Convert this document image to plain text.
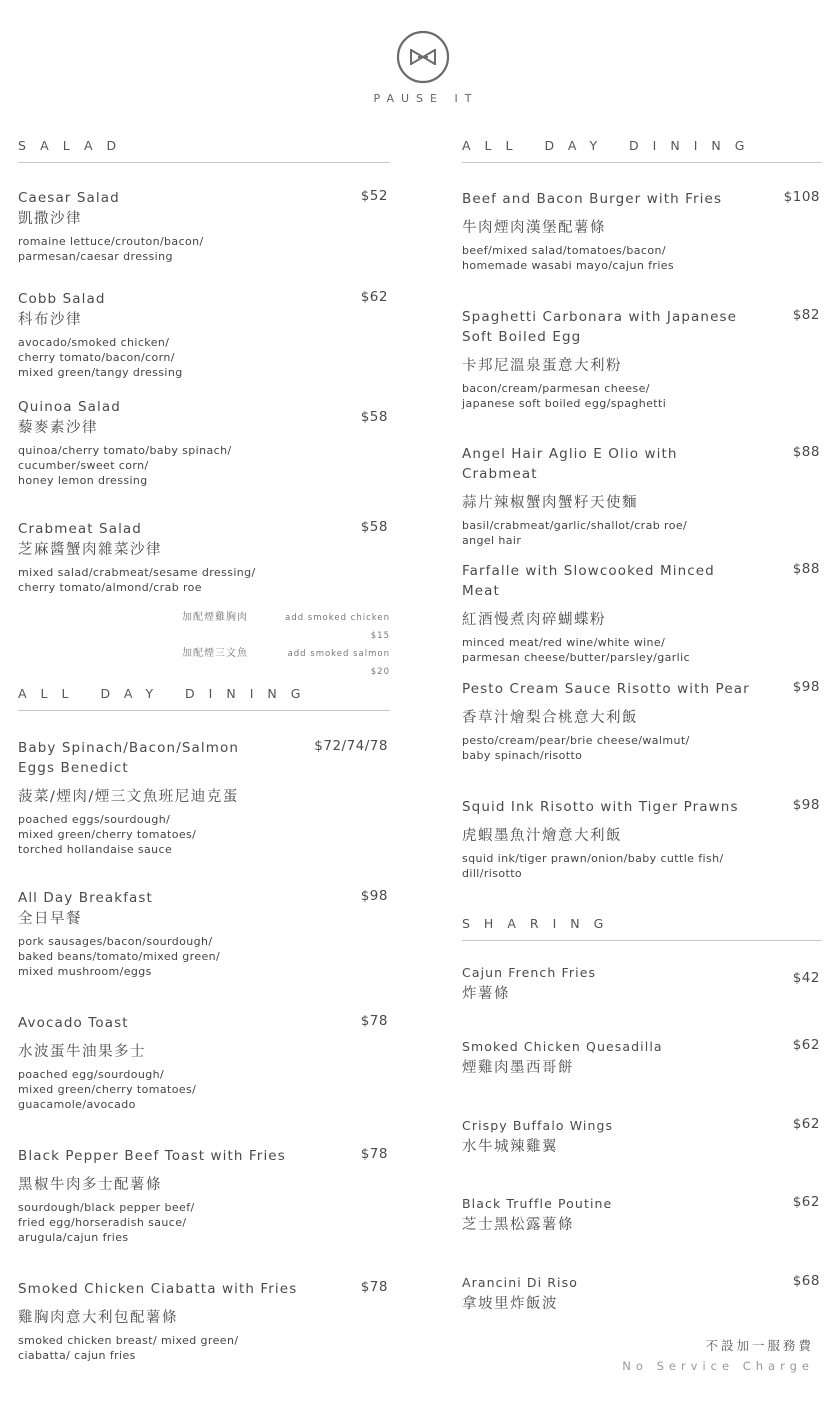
PAUSE IT
SALAD
Caesar Salad	$52
凱撒沙律
romaine lettuce/crouton/bacon/
parmesan/caesar dressing
Cobb Salad	$62
科布沙律
avocado/smoked chicken/
cherry tomato/bacon/corn/
mixed green/tangy dressing
Quinoa Salad
$58
藜麥素沙律
quinoa/cherry tomato/baby spinach/
cucumber/sweet corn/
honey lemon dressing
Crabmeat Salad	$58
芝麻醬蟹肉雜菜沙律
mixed salad/crabmeat/sesame dressing/
cherry tomato/almond/crab roe
加配煙雞胸肉	add smoked chicken $15
加配煙三文魚	add smoked salmon $20
ALL DAY DINING
Baby Spinach/Bacon/Salmon
Eggs Benedict
$72/74/78
菠菜/煙肉/煙三文魚班尼迪克蛋
poached eggs/sourdough/
mixed green/cherry tomatoes/
torched hollandaise sauce
All Day Breakfast	$98
全日早餐
pork sausages/bacon/sourdough/
baked beans/tomato/mixed green/
mixed mushroom/eggs
Avocado Toast	$78
水波蛋牛油果多士
poached egg/sourdough/
mixed green/cherry tomatoes/
guacamole/avocado
Black Pepper Beef Toast with Fries	$78
黑椒牛肉多士配薯條
sourdough/black pepper beef/
fried egg/horseradish sauce/
arugula/cajun fries
Smoked Chicken Ciabatta with Fries	$78
雞胸肉意大利包配薯條
smoked chicken breast/ mixed green/
ciabatta/ cajun fries
ALL DAY DINING
Beef and Bacon Burger with Fries	$108
牛肉煙肉漢堡配薯條
beef/mixed salad/tomatoes/bacon/
homemade wasabi mayo/cajun fries
Spaghetti Carbonara with Japanese
Soft Boiled Egg
$82
卡邦尼溫泉蛋意大利粉
bacon/cream/parmesan cheese/
japanese soft boiled egg/spaghetti
Angel Hair Aglio E Olio with Crabmeat
$88
蒜片辣椒蟹肉蟹籽天使麵
basil/crabmeat/garlic/shallot/crab roe/
angel hair
Farfalle with Slowcooked Minced Meat
$88
紅酒慢煮肉碎蝴蝶粉
minced meat/red wine/white wine/
parmesan cheese/butter/parsley/garlic
Pesto Cream Sauce Risotto with Pear	$98
香草汁燴梨合桃意大利飯
pesto/cream/pear/brie cheese/walmut/
baby spinach/risotto
Squid Ink Risotto with Tiger Prawns	$98
虎蝦墨魚汁燴意大利飯
squid ink/tiger prawn/onion/baby cuttle fish/
dill/risotto
SHARING
Cajun French Fries	$42
炸薯條
Smoked Chicken Quesadilla	$62
煙雞肉墨西哥餅
Crispy Buffalo Wings	$62
水牛城辣雞翼
Black Truffle Poutine	$62
芝士黑松露薯條
Arancini Di Riso	$68
拿坡里炸飯波
不設加一服務費
No Service Charge
